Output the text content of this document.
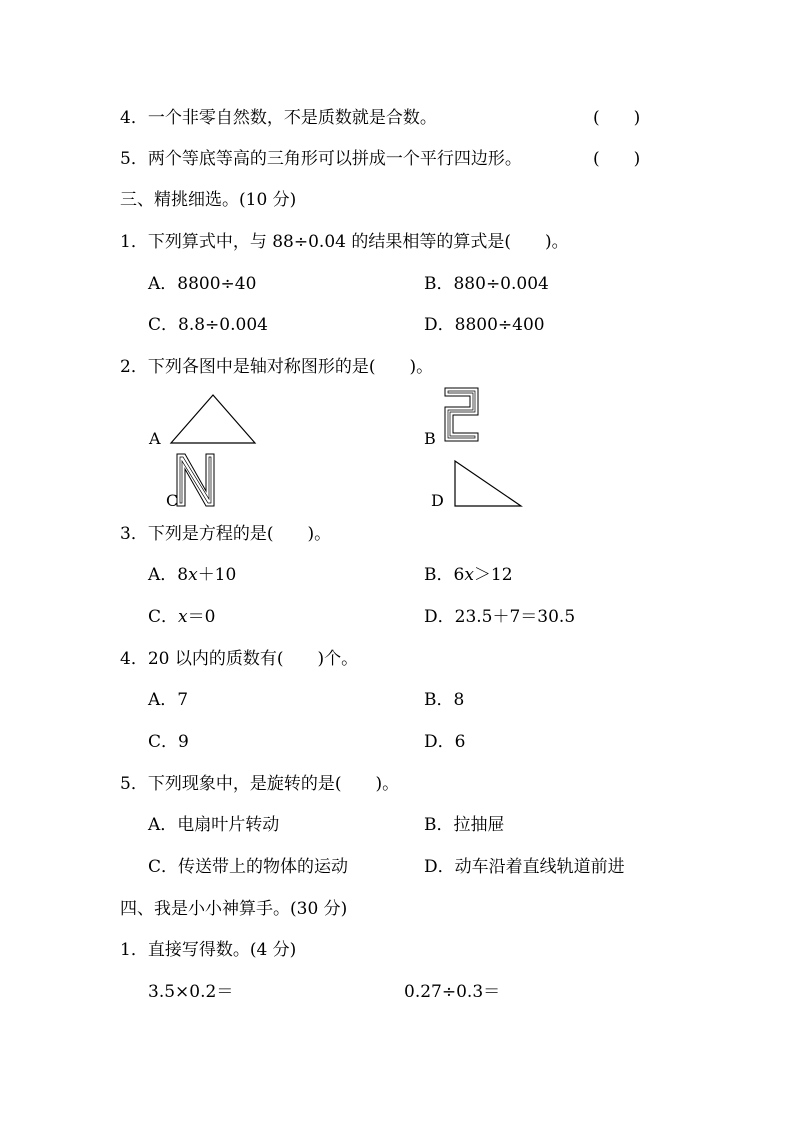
4．一个非零自然数，不是质数就是合数。	(　　)
5．两个等底等高的三角形可以拼成一个平行四边形。	(　　)
三、精挑细选。(10 分)
1．下列算式中，与 88÷0.04 的结果相等的算式是(　　)。
A．8800÷40	B．880÷0.004
C．8.8÷0.004	D．8800÷400
2．下列各图中是轴对称图形的是(　　)。
A	B
C	D
3．下列是方程的是(　　)。
A．8x＋10	B．6x＞12
C．x＝0	D．23.5＋7＝30.5
4．20 以内的质数有(　　)个。
A．7	B．8
C．9	D．6
5．下列现象中，是旋转的是(　　)。
A．电扇叶片转动	B．拉抽屉
C．传送带上的物体的运动	D．动车沿着直线轨道前进
四、我是小小神算手。(30 分)
1．直接写得数。(4 分)
3.5×0.2＝	0.27÷0.3＝
